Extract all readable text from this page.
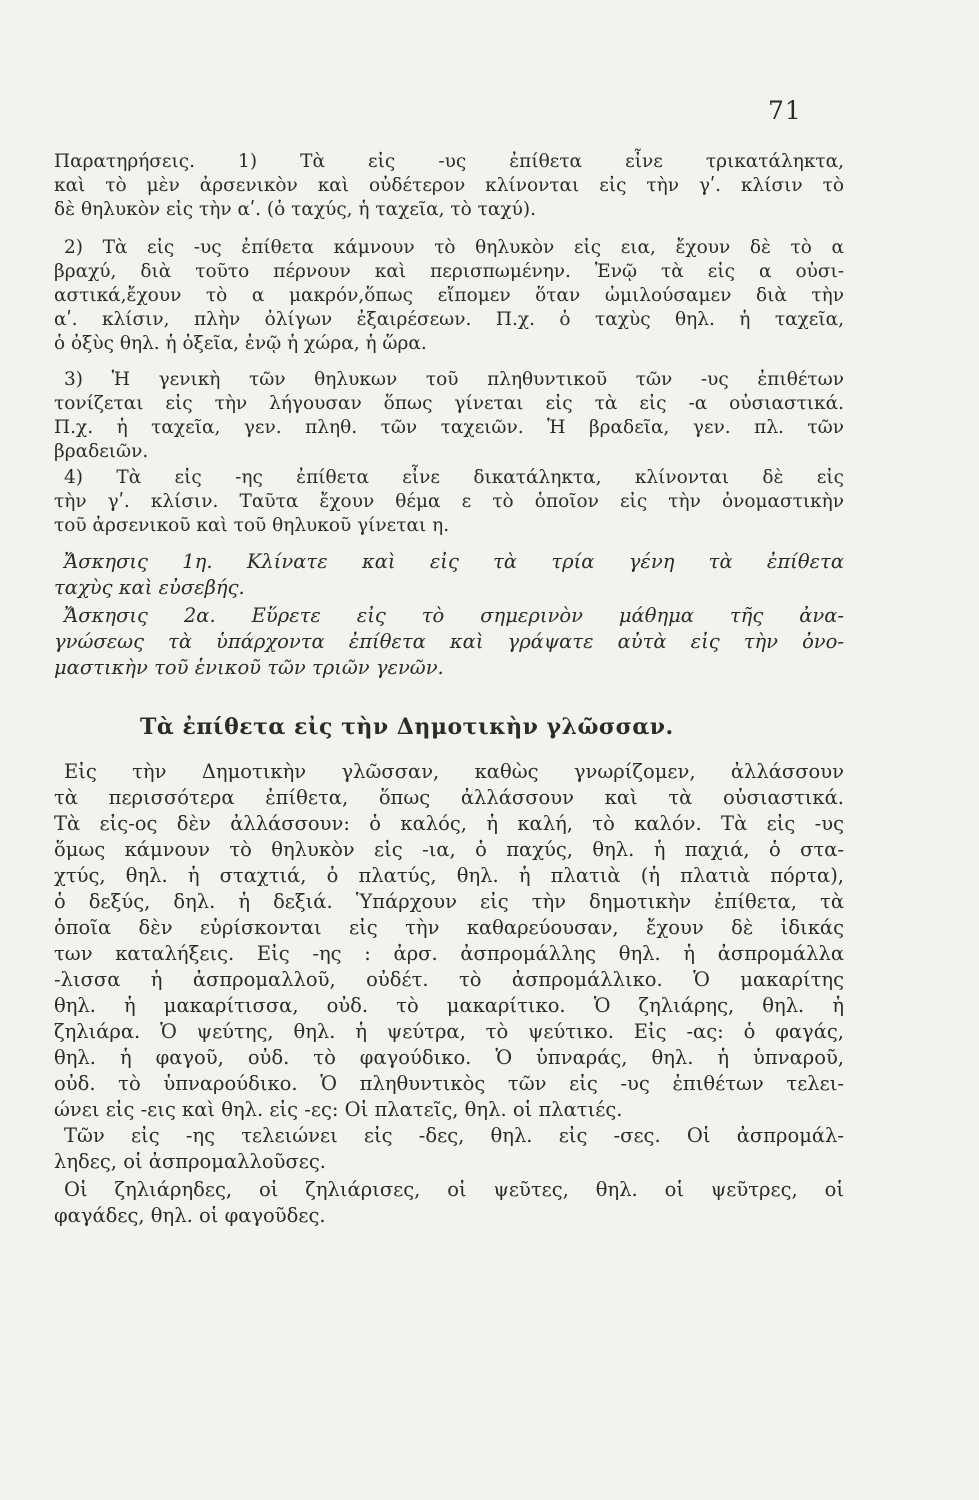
71
Παρατηρήσεις. 1) Τὰ εἰς -υς ἐπίθετα εἶνε τρικατάληκτα,
καὶ τὸ μὲν ἀρσενικὸν καὶ οὐδέτερον κλίνονται εἰς τὴν γʹ. κλίσιν τὸ
δὲ θηλυκὸν εἰς τὴν αʹ. (ὁ ταχύς, ἡ ταχεῖα, τὸ ταχύ).
2) Τὰ εἰς -υς ἐπίθετα κάμνουν τὸ θηλυκὸν εἰς εια, ἔχουν δὲ τὸ α
βραχύ, διὰ τοῦτο πέρνουν καὶ περισπωμένην. Ἐνῷ τὰ εἰς α οὐσι-
αστικά,ἔχουν τὸ α μακρόν,ὅπως εἴπομεν ὅταν ὡμιλούσαμεν διὰ τὴν
αʹ. κλίσιν, πλὴν ὀλίγων ἐξαιρέσεων. Π.χ. ὁ ταχὺς θηλ. ἡ ταχεῖα,
ὁ ὀξὺς θηλ. ἡ ὀξεῖα, ἐνῷ ἡ χώρα, ἡ ὥρα.
3) Ἡ γενικὴ τῶν θηλυκων τοῦ πληθυντικοῦ τῶν -υς ἐπιθέτων
τονίζεται εἰς τὴν λήγουσαν ὅπως γίνεται εἰς τὰ εἰς -α οὐσιαστικά.
Π.χ. ἡ ταχεῖα, γεν. πληθ. τῶν ταχειῶν. Ἡ βραδεῖα, γεν. πλ. τῶν
βραδειῶν.
4) Τὰ εἰς -ης ἐπίθετα εἶνε δικατάληκτα, κλίνονται δὲ εἰς
τὴν γʹ. κλίσιν. Ταῦτα ἔχουν θέμα ε τὸ ὁποῖον εἰς τὴν ὀνομαστικὴν
τοῦ ἀρσενικοῦ καὶ τοῦ θηλυκοῦ γίνεται η.
Ἄσκησις 1η. Κλίνατε καὶ εἰς τὰ τρία γένη τὰ ἐπίθετα
ταχὺς καὶ εὐσεβής.
Ἄσκησις 2α. Εὕρετε εἰς τὸ σημερινὸν μάθημα τῆς ἀνα-
γνώσεως τὰ ὑπάρχοντα ἐπίθετα καὶ γράψατε αὐτὰ εἰς τὴν ὀνο-
μαστικὴν τοῦ ἑνικοῦ τῶν τριῶν γενῶν.
Τὰ ἐπίθετα εἰς τὴν Δημοτικὴν γλῶσσαν.
Εἰς τὴν Δημοτικὴν γλῶσσαν, καθὼς γνωρίζομεν, ἀλλάσσουν
τὰ περισσότερα ἐπίθετα, ὅπως ἀλλάσσουν καὶ τὰ οὐσιαστικά.
Τὰ εἰς-ος δὲν ἀλλάσσουν: ὁ καλός, ἡ καλή, τὸ καλόν. Τὰ εἰς -υς
ὅμως κάμνουν τὸ θηλυκὸν εἰς -ια, ὁ παχύς, θηλ. ἡ παχιά, ὁ στα-
χτύς, θηλ. ἡ σταχτιά, ὁ πλατύς, θηλ. ἡ πλατιὰ (ἡ πλατιὰ πόρτα),
ὁ δεξύς, δηλ. ἡ δεξιά. Ὑπάρχουν εἰς τὴν δημοτικὴν ἐπίθετα, τὰ
ὁποῖα δὲν εὑρίσκονται εἰς τὴν καθαρεύουσαν, ἔχουν δὲ ἰδικάς
των καταλήξεις. Εἰς -ης : ἀρσ. ἀσπρομάλλης θηλ. ἡ ἀσπρομάλλα
-λισσα ἡ ἀσπρομαλλοῦ, οὐδέτ. τὸ ἀσπρομάλλικο. Ὁ μακαρίτης
θηλ. ἡ μακαρίτισσα, οὐδ. τὸ μακαρίτικο. Ὁ ζηλιάρης, θηλ. ἡ
ζηλιάρα. Ὁ ψεύτης, θηλ. ἡ ψεύτρα, τὸ ψεύτικο. Εἰς -ας: ὁ φαγάς,
θηλ. ἡ φαγοῦ, οὐδ. τὸ φαγούδικο. Ὁ ὑπναράς, θηλ. ἡ ὑπναροῦ,
οὐδ. τὸ ὑπναρούδικο. Ὁ πληθυντικὸς τῶν εἰς -υς ἐπιθέτων τελει-
ώνει εἰς -εις καὶ θηλ. εἰς -ες: Οἱ πλατεῖς, θηλ. οἱ πλατιές.
Τῶν εἰς -ης τελειώνει εἰς -δες, θηλ. εἰς -σες. Οἱ ἀσπρομάλ-
ληδες, οἱ ἀσπρομαλλοῦσες.
Οἱ ζηλιάρηδες, οἱ ζηλιάρισες, οἱ ψεῦτες, θηλ. οἱ ψεῦτρες, οἱ
φαγάδες, θηλ. οἱ φαγοῦδες.
